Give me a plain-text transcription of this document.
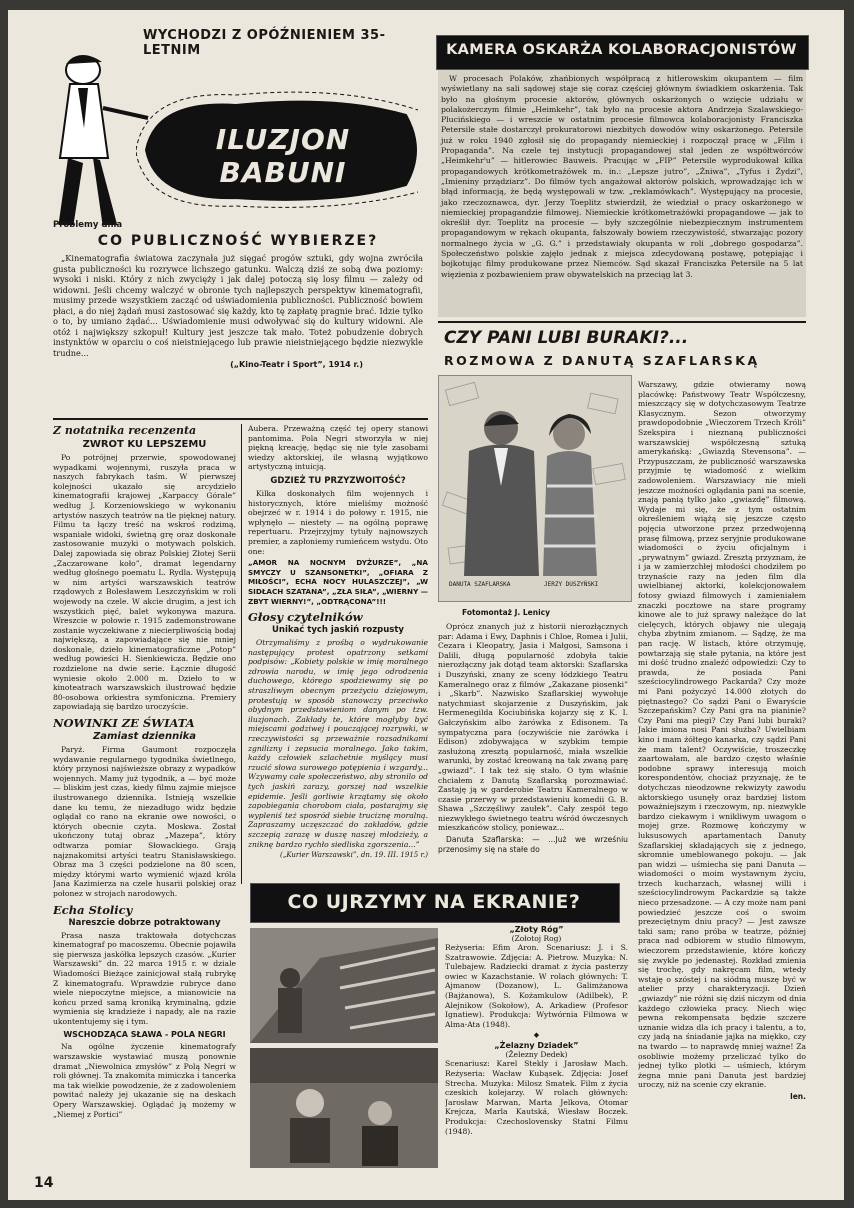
WYCHODZI Z OPÓŹNIENIEM 35-LETNIM
ILUZJON BABUNI
Problemy dnia
CO PUBLICZNOŚĆ WYBIERZE?

„Kinematografia światowa zaczynała już sięgać progów sztuki, gdy wojna zwróciła gusta publiczności ku rozrywce lichszego gatunku. Walczą dziś ze sobą dwa poziomy: wysoki i niski. Który z nich zwycięży i jak dalej potoczą się losy filmu — zależy od widowni. Jeśli chcemy walczyć w obronie tych najlepszych perspektyw kinematografii, musimy przede wszystkiem zacząć od uświadomienia publiczności. Publiczność bowiem płaci, a do niej żądań musi zastosować się każdy, kto tę zapłatę pragnie brać. Idzie tylko o to, by umiano żądać... Uświadomienie musi odwoływać się do kultury widowni. Ale otóż i największy szkopuł! Kultury jest jeszcze tak mało. Toteż pobudzenie dobrych instynktów w oparciu o coś nieistniejącego lub prawie nieistniejącego będzie niezwykle trudne...

(„Kino-Teatr i Sport”, 1914 r.)
Z notatnika recenzenta
ZWROT KU LEPSZEMU

Po potrójnej przerwie, spowodowanej wypadkami wojennymi, ruszyła praca w naszych fabrykach taśm. W pierwszej kolejności ukazało się arcydzieło kinematografii krajowej „Karpaccy Górale” według J. Korzeniowskiego w wykonaniu artystów naszych teatrów na tle pięknej natury. Filmu ta łączy treść na wskroś rodzimą, wspaniałe widoki, świetną grę oraz doskonałe zastosowanie muzyki o motywach polskich. Dalej zapowiada się obraz Polskiej Złotej Serii „Zaczarowane koło”, dramat legendarny według głośnego poematu L. Rydla. Występują w nim artyści warszawskich teatrów rządowych z Bolesławem Leszczyńskim w roli wojewody na czele. W akcie drugim, a jest ich wszystkich pięć, balet wykonywa mazura. Wreszcie w połowie r. 1915 zademonstrowane zostanie wyczekiwane z niecierpliwością bodaj największą, a zapowiadające się nie mniej doskonale, dzieło kinematograficzne „Potop” według powieści H. Sienkiewicza. Będzie ono rozdzielone na dwie serie. Łącznie długość wyniesie około 2.000 m. Dzieło to w kinoteatrach warszawskich ilustrować będzie 80-osobowa orkiestra symfoniczna. Premiery zapowiadają się bardzo uroczyście.

NOWINKI ZE ŚWIATA
Zamiast dziennika

Paryż. Firma Gaumont rozpoczęła wydawanie regularnego tygodnika świetlnego, który przynosi najświeższe obrazy z wypadków wojennych. Mamy już tygodnik, a — być może — bliskim jest czas, kiedy filmu zajmie miejsce ilustrowanego dziennika. Istnieją wszelkie dane ku temu, że niezadługo widz będzie oglądał co rano na ekranie owe nowości, o których obecnie czyta. Moskwa. Został ukończony tutaj obraz „Mazepa”, który odtwarza pomiar Słowackiego. Grają najznakomitsi artyści teatru Stanisławskiego. Obraz ma 3 części podzielone na 80 scen, między którymi warto wymienić wjazd króla Jana Kazimierza na czele husarii polskiej oraz połonez w strojach narodowych.

Echa Stolicy
Nareszcie dobrze potraktowany

Prasa nasza traktowała dotychczas kinematograf po macoszemu. Obecnie pojawiła się pierwsza jaskółka lepszych czasów. „Kurier Warszawski” dn. 22 marca 1915 r. w dziale Wiadomości Bieżące zainicjował stałą rubrykę Z kinematografu. Wprawdzie rubryce dano wiele niepoczytne miejsce, a mianowicie na końcu przed samą kroniką kryminalną, gdzie wymienia się kradzieże i napady, ale na razie ukontentujemy się i tym.

WSCHODZĄCA SŁAWA - POLA NEGRI

Na ogólne życzenie kinematografy warszawskie wystawiać muszą ponownie dramat „Niewolnica zmysłów” z Polą Negri w roli głównej. Ta znakomita mimiczka i tancerka ma tak wielkie powodzenie, że z zadowoleniem powitać należy jej ukazanie się na deskach Opery Warszawskiej. Oglądać ją możemy w „Niemej z Portici”

Aubera. Przeważną część tej opery stanowi pantomima. Pola Negri stworzyła w niej piękną kreację, będąc się nie tyle zasobami wiedzy aktorskiej, ile własną wyjątkowo artystyczną intuicją.

GDZIEŻ TU PRZYZWOITOŚĆ?

Kilka doskonałych film wojennych i historycznych, które mieliśmy możność obejrzeć w r. 1914 i do połowy r. 1915, nie wpłynęło — niestety — na ogólną poprawę repertuaru. Przejrzyjmy tytuły najnowszych premier, a zapłoniemy rumieńcem wstydu. Oto one:

„AMOR NA NOCNYM DYŻURZE”, „NA SMYCZY U SZANSONETKI”, „OFIARA Z MIŁOŚCI”, ECHA NOCY HULASZCZEJ”, „W SIDŁACH SZATANA”, „ZŁA SIŁA”, „WIERNY — ZBYT WIERNY!”, „ODTRĄCONA”!!!

Głosy czytelników
Unikać tych jaskiń rozpusty

Otrzymaliśmy z prośbą o wydrukowanie następujący protest opatrzony setkami podpisów: „Kobiety polskie w imię moralnego zdrowia narodu, w imię jego odrodzenia duchowego, którego spodziewamy się po straszliwym obecnym przeżyciu dziejowym, protestują w sposób stanowczy przeciwko obydnym przedstawieniom danym po tzw. iluzjonach. Zakłady te, które mogłyby być miejscami godziwej i pouczającej rozrywki, w rzeczywistości są przeważnie rozsadnikami zgnilizny i zepsucia moralnego. Jako takim, każdy człowiek szlachetnie myślący musi rzucić słowa surowego potępienia i wzgardy... Wzywamy całe społeczeństwo, aby stronilo od tych jaskiń zarazy, gorszej nad wszelkie epidemie. Jeśli gorliwie krzątamy się około zapobiegania chorobom ciała, postarajmy się wypleniś też sposród siebie truciznę moralną. Zapraszamy uczęszczać do zakładów, gdzie szczepią zarazę w duszę naszej młodzieży, a zniknę bardzo rychło siedliska zgorszenia...”

(„Kurier Warszawski”, dn. 19. III. 1915 r.)
KAMERA OSKARŻA KOLABORACJONISTÓW

W procesach Polaków, zhańbionych współpracą z hitlerowskim okupantem — film wyświetlany na sali sądowej staje się coraz częściej głównym świadkiem oskarżenia. Tak było na głośnym procesie aktorów, głównych oskarżonych o wzięcie udziału w polakożerczym filmie „Heimkehr”, tak było na procesie aktora Andrzeja Szalawskiego-Plucińskiego — i wreszcie w ostatnim procesie filmowca kolaboracjonisty Franciszka Petersile stałe dostarczył prokuratorowi niezbitych dowodów winy oskarżonego. Petersile już w roku 1940 zgłosił się do propagandy niemieckiej i rozpoczął pracę w „Film i Propaganda”. Na czele tej instytucji propagandowej stał jeden ze współtwórców „Heimkehr'u” — hitlerowiec Bauweis. Pracując w „FIP” Petersile wyprodukował kilka propagandowych krótkometrażówek m. in.: „Lepsze jutro”, „Żniwa”, „Tyfus i Żydzi”, „Imieniny prządziarz”. Do filmów tych angażował aktorów polskich, wprowadzając ich w błąd informacją, że będą występowali w tzw. „reklamówkach”. Występujący na procesie, jako rzeczoznawca, dyr. Jerzy Toeplitz stwierdził, że wiedział o pracy oskarżonego w niemieckiej propagandzie filmowej. Niemieckie krótkometrażówki propagandowe — jak to określił dyr. Toeplitz na procesie — były szczególnie niebezpiecznym instrumentem propagandowym w rękach okupanta, fałszowały bowiem rzeczywistość, stwarzając pozory normalnego życia w „G. G.” i przedstawiały okupanta w roli „dobrego gospodarza”. Społeczeństwo polskie zajęło jednak z miejsca zdecydowaną postawę, potępiając i bojkotując filmy produkowane przez Niemców. Sąd skazał Franciszka Petersile na 5 lat więzienia z pozbawieniem praw obywatelskich na przeciąg lat 3.

CZY PANI LUBI BURAKI?...
ROZMOWA Z DANUTĄ SZAFLARSKĄ
DANUTA SZAFLARSKA	JERZY DUSZYŃSKI
Fotomontaż J. Lenicy

Oprócz znanych już z historii nierozłącznych par: Adama i Ewy, Daphnis i Chloe, Romea i Julii, Cezara i Kleopatry, Jasia i Małgosi, Samsona i Dalili, długą popularność zdobyła takie nierozłączny jak dotąd team aktorski: Szaflarska i Duszyński, znany ze sceny łódzkiego Teatru Kameralnego oraz z filmów „Zakazane piosenki” i „Skarb”. Nazwisko Szaflarskiej wywołuje natychmiast skojarzenie z Duszyńskim, jak Hermenegilda Kociubińska kojarzy się z K. I. Gałczyńskim albo żarówka z Edisonem. Ta sympatyczna para (oczywiście nie żarówka i Edison) zdobywająca w szybkim tempie zasłużoną zresztą popularność, miała wszelkie warunki, by zostać kreowaną na tak zwaną parę „gwiazd”. I tak też się stało. O tym właśnie chciałem z Danutą Szaflarską porozmawiać. Zastaję ją w garderobie Teatru Kameralnego w czasie przerwy w przedstawieniu komedii G. B. Shawa „Szczęśliwy zaułek”. Cały zespół tego niezwykłego świetnego teatru wśród ówczesnych mieszkańców stolicy, poniewaz...

Danuta Szaflarska: — ...Już we wrześniu przenosimy się na stałe do

Warszawy, gdzie otwieramy nową placówkę: Państwowy Teatr Współczesny, mieszczący się w dotychczasowym Teatrze Klasycznym. Sezon otworzymy prawdopodobnie „Wieczorem Trzech Króli” Szekspira i nieznaną publiczności warszawskiej współczesną sztuką amerykańską: „Gwiazdą Stevensona”. — Przypuszczam, że publiczność warszawska przyjmie tę wiadomość z wielkim zadowoleniem. Warszawiacy nie mieli jeszcze możności oglądania pani na scenie, znają panią tylko jako „gwiazdę” filmową. Wydaje mi się, że z tym ostatnim określeniem wiążą się jeszcze często pojęcia utworzone przez przedwojenną prasę filmową, przez seryjnie produkowane wiadomości o życiu oficjalnym i „prywatnym” gwiazd. Zresztą przyznam, że i ja w zamierzchłej młodości chodziłem po trzynaście razy na jeden film dla uwielbianej aktorki, kolekcjonowałem fotosy gwiazd filmowych i zamieniałem znaczki pocztowe na stare programy kinowe ale to już sprawy należące do lat cielęcych, których objawy nie ulegają chyba zbytnim zmianom. — Sądzę, że ma pan rację. W listach, które otrzymuję, powtarzają się stałe pytania, na które jest mi dość trudno znaleźć odpowiedzi: Czy to prawda, że posiada Pani sześciocylindrowego Packarda? Czy może mi Pani pożyczyć 14.000 złotych do piętnastego? Co sądzi Pani o Ewaryście Szczepańskim? Czy Pani gra na pianinie? Czy Pani ma piegi? Czy Pani lubi buraki? Jakie imiona nosi Pani służba? Uwielbiam kino i mam żółtego kanarka, czy sądzi Pani że mam talent? Oczywiście, troszeczkę zaartowałam, ale bardzo często właśnie podobne sprawy interesują moich korespondentów, chociaż przyznaję, że te dotychczas nieodzowne rekwizyty zawodu aktorskiego usunęły oraz bardziej listom poważniejszym i rzeczowym, np. niezwykle bardzo ciekawym i wnikliwym uwagom o mojej grze. Rozmowę kończymy w luksusowych apartamentach Danuty Szaflarskiej składających się z jednego, skromnie umeblowanego pokoju. — Jak pan widzi — uśmiecha się pani Danuta — wiadomości o moim wystawnym życiu, trzech kucharzach, własnej willi i sześciocylindrowym Packardzie są także nieco przesadzone. — A czy może nam pani powiedzieć jeszcze coś o swoim prezeciętnym dniu pracy? — Jest zawsze taki sam; rano próba w teatrze, później praca nad odbiorem w studio filmowym, wieczorem przedstawienie, które kończy się zwykle po jedenastej. Rozkład zmienia się trochę, gdy nakręcam film, wtedy wstaję o szóstej i na siódmą muszę być w atelier przy charakteryzacji. Dzień „gwiazdy” nie różni się dziś niczym od dnia każdego człowieka pracy. Niech więc pewna rekompensata będzie szczere uznanie widza dla ich pracy i talentu, a to, czy jadą na śniadanie jajka na miękko, czy na twardo — to naprawdę mniej ważne! Za osobliwie możemy przeliczać tylko do jednej tylko plotki — uśmiech, którym żegna mnie pani Danuta jest bardziej uroczy, niż na scenie czy ekranie.

len.
CO UJRZYMY NA EKRANIE?
„Złoty Róg”
(Zołotoj Rog)

Reżyseria: Efim Aron. Scenariusz: J. i S. Szatrawowie. Zdjęcia: A. Pietrow. Muzyka: N. Tulebajew. Radziecki dramat z życia pasterzy owiec w Kazachstanie. W rolach głównych: T. Ajmanow (Dozanow), L. Galimżanowa (Bajżanowa), S. Kożamkulow (Adilbek), P. Alejnikow (Sokołow), A. Arkadiew (Profesor Ignatiew). Produkcja: Wytwórnia Filmowa w Alma-Ata (1948).

◆
„Żelazny Dziadek”
(Železny Dedek)

Scenariusz: Karel Stekly i Jarosław Mach. Reżyseria: Wacław Kubąsek. Zdjęcia: Josef Strecha. Muzyka: Milosz Smatek. Film z życia czeskich kolejarzy. W rolach głównych: Jarosław Marwan, Marta Jelkova, Otomar Krejcza, Marla Kautská, Wiesław Boczek. Produkcja: Czechoslovensky Statni Filmu (1948).

14
